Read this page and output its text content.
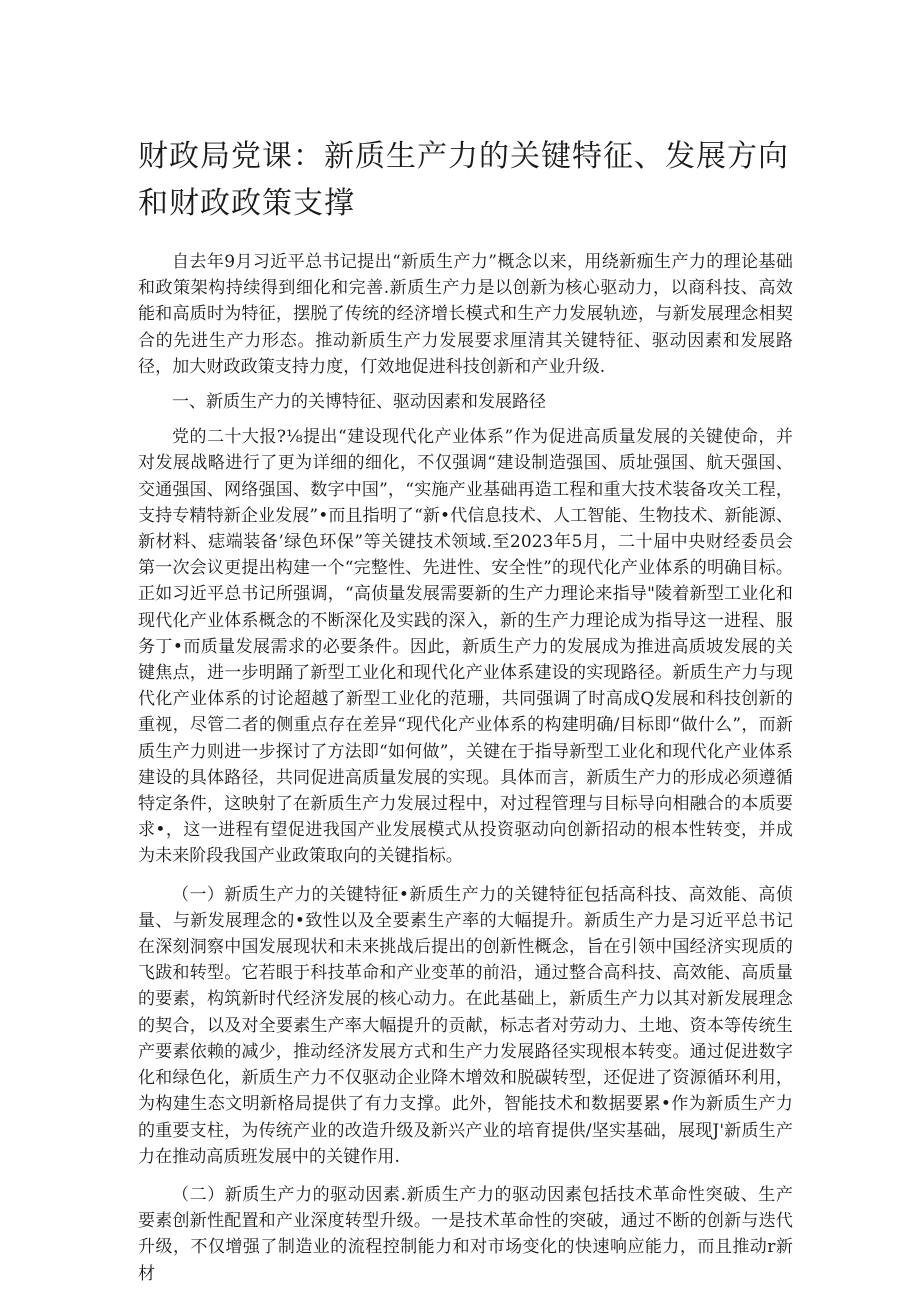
财政局党课：新质生产力的关键特征、发展方向和财政政策支撑

自去年9月习近平总书记提出“新质生产力”概念以来，用绕新痂生产力的理论基础和政策架构持续得到细化和完善.新质生产力是以创新为核心驱动力，以商科技、高效能和高质时为特征，摆脱了传统的经济增长模式和生产力发展轨迹，与新发展理念相契合的先进生产力形态。推动新质生产力发展要求厘清其关键特征、驱动因素和发展路径，加大财政政策支持力度，仃效地促进科技创新和产业升级.

一、新质生产力的关博特征、驱动因素和发展路径

党的二十大报?⅛提出“建设现代化产业体系”作为促进高质量发展的关键使命，并对发展战略进行了更为详细的细化，不仅强调“建设制造强国、质址强国、航天强国、交通强国、网络强国、数字中国”，“实施产业基础再造工程和重大技术装备攻关工程，支持专精特新企业发展”•而且指明了“新•代信息技术、人工智能、生物技术、新能源、新材料、痣端装备’绿色环保”等关键技术领域.至2023年5月，二十届中央财经委员会第一次会议更提出构建一个“完整性、先进性、安全性”的现代化产业体系的明确目标。正如习近平总书记所强调，“高侦量发展需要新的生产力理论来指导"陵着新型工业化和现代化产业体系概念的不断深化及实践的深入，新的生产力理论成为指导这一进程、服务丁•而质量发展需求的必要条件。因此，新质生产力的发展成为推进高质坡发展的关键焦点，进一步明踊了新型工业化和现代化产业体系建设的实现路径。新质生产力与现代化产业体系的讨论超越了新型工业化的范珊，共同强调了时高成Q发展和科技创新的重视，尽管二者的侧重点存在差异“现代化产业体系的构建明确/目标即“做什么”，而新质生产力则进一步探讨了方法即“如何做”，关键在于指导新型工业化和现代化产业体系建设的具体路径，共同促进高质量发展的实现。具体而言，新质生产力的形成必须遵循特定条件，这映射了在新质生产力发展过程中，对过程管理与目标导向相融合的本质要求•，这一进程有望促进我国产业发展模式从投资驱动向创新招动的根本性转变，并成为未来阶段我国产业政策取向的关键指标。

（一）新质生产力的关键特征•新质生产力的关键特征包括高科技、高效能、高侦量、与新发展理念的•致性以及全要素生产率的大幅提升。新质生产力是习近平总书记在深刻洞察中国发展现状和未来挑战后提出的创新性概念，旨在引领中国经济实现质的飞跋和转型。它若眼于科技革命和产业变革的前沿，通过整合高科技、高效能、高质量的要素，构筑新时代经济发展的核心动力。在此基础上，新质生产力以其对新发展理念的契合，以及对全要素生产率大幅提升的贡献，标志者对劳动力、土地、资本等传统生产要素依赖的减少，推动经济发展方式和生产力发展路径实现根本转变。通过促进数字化和绿色化，新质生产力不仅驱动企业降木增效和脱碳转型，还促进了资源循环利用，为构建生态文明新格局提供了有力支撑。此外，智能技术和数据要累•作为新质生产力的重要支柱，为传统产业的改造升级及新兴产业的培育提供/坚实基础，展现J'新质生产力在推动高质班发展中的关键作用.

（二）新质生产力的驱动因素.新质生产力的驱动因素包括技术革命性突破、生产要素创新性配置和产业深度转型升级。一是技术革命性的突破，通过不断的创新与迭代升级，不仅增强了制造业的流程控制能力和对市场变化的快速响应能力，而且推动r新材
